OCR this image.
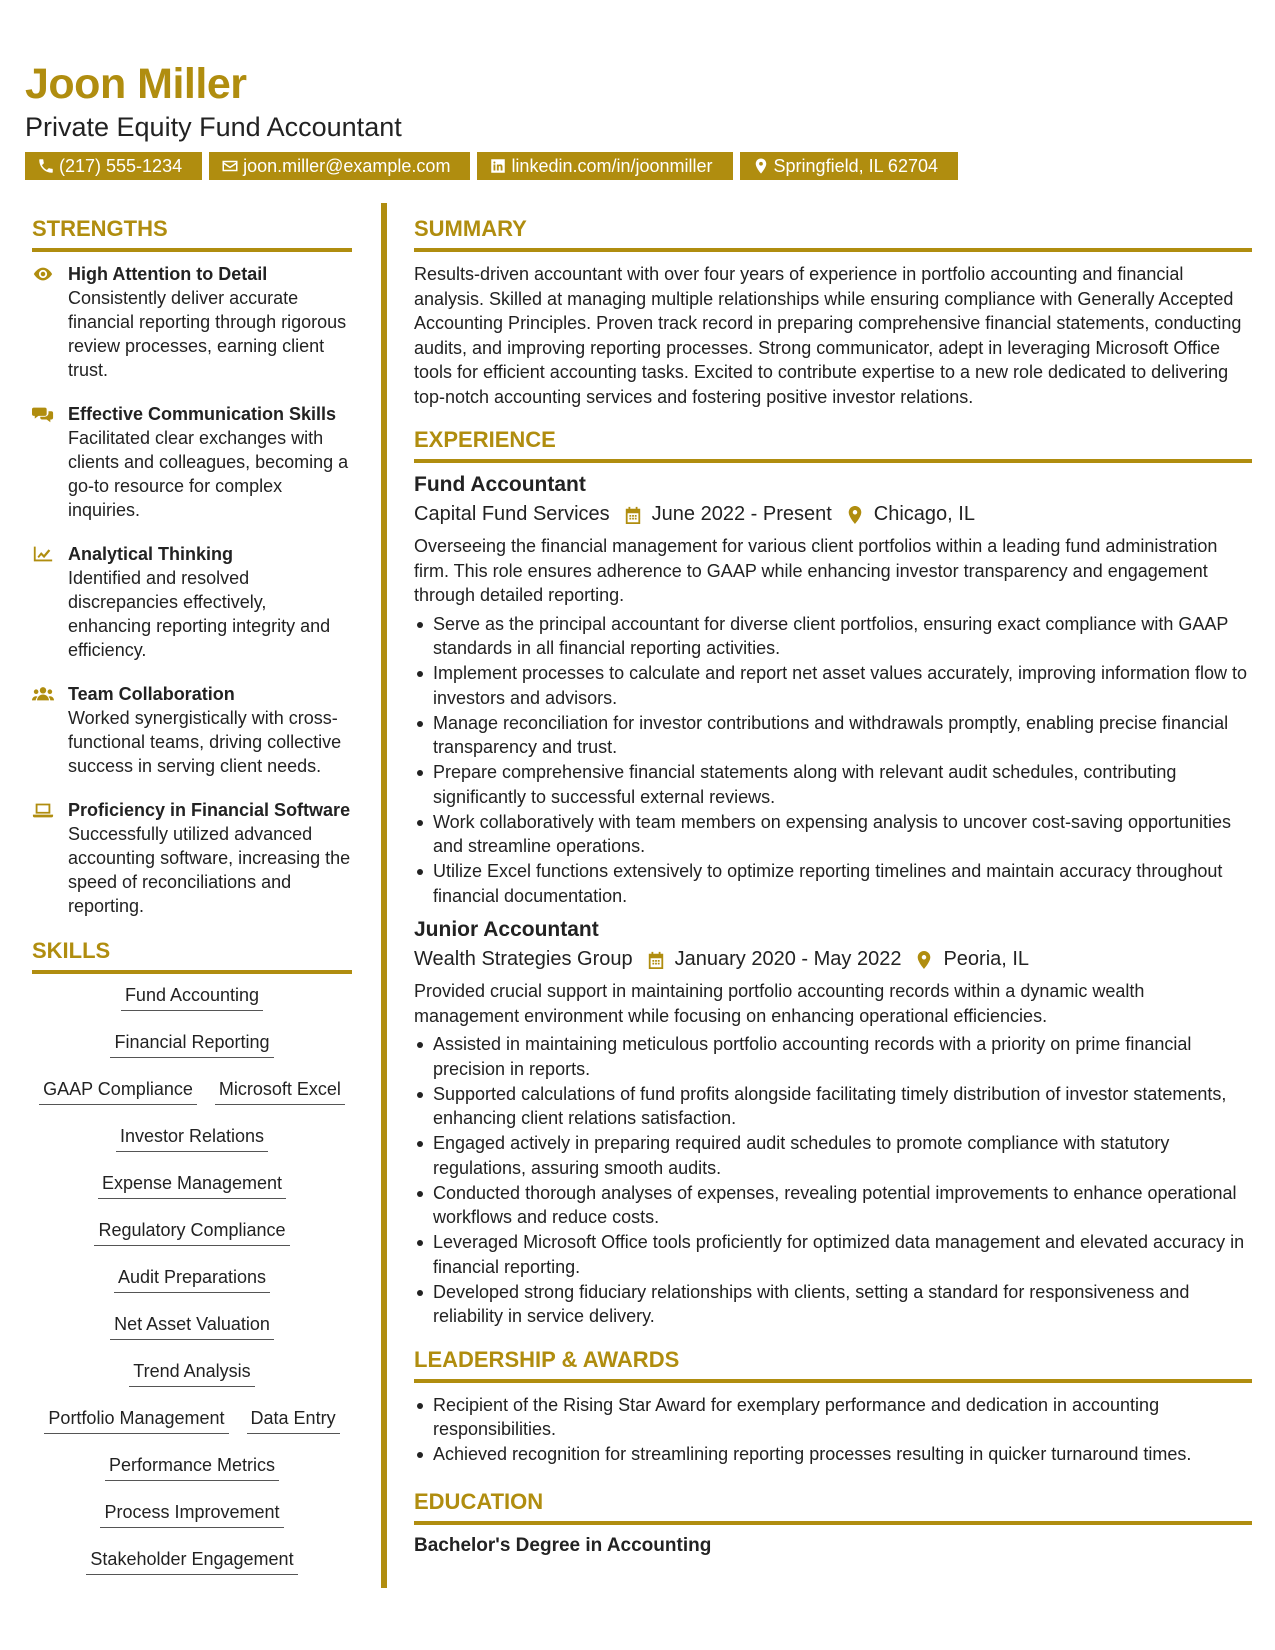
Joon Miller
Private Equity Fund Accountant
(217) 555-1234	joon.miller@example.com	linkedin.com/in/joonmiller	Springfield, IL 62704
STRENGTHS
High Attention to Detail
Consistently deliver accurate financial reporting through rigorous review processes, earning client trust.
Effective Communication Skills
Facilitated clear exchanges with clients and colleagues, becoming a go-to resource for complex inquiries.
Analytical Thinking
Identified and resolved discrepancies effectively, enhancing reporting integrity and efficiency.
Team Collaboration
Worked synergistically with cross-functional teams, driving collective success in serving client needs.
Proficiency in Financial Software
Successfully utilized advanced accounting software, increasing the speed of reconciliations and reporting.
SKILLS
Fund Accounting
Financial Reporting
GAAP Compliance Microsoft Excel
Investor Relations
Expense Management
Regulatory Compliance
Audit Preparations
Net Asset Valuation
Trend Analysis
Portfolio Management Data Entry
Performance Metrics
Process Improvement
Stakeholder Engagement
SUMMARY
Results-driven accountant with over four years of experience in portfolio accounting and financial analysis. Skilled at managing multiple relationships while ensuring compliance with Generally Accepted Accounting Principles. Proven track record in preparing comprehensive financial statements, conducting audits, and improving reporting processes. Strong communicator, adept in leveraging Microsoft Office tools for efficient accounting tasks. Excited to contribute expertise to a new role dedicated to delivering top-notch accounting services and fostering positive investor relations.
EXPERIENCE
Fund Accountant
Capital Fund Services June 2022 - Present Chicago, IL
Overseeing the financial management for various client portfolios within a leading fund administration firm. This role ensures adherence to GAAP while enhancing investor transparency and engagement through detailed reporting.
Serve as the principal accountant for diverse client portfolios, ensuring exact compliance with GAAP standards in all financial reporting activities.
Implement processes to calculate and report net asset values accurately, improving information flow to investors and advisors.
Manage reconciliation for investor contributions and withdrawals promptly, enabling precise financial transparency and trust.
Prepare comprehensive financial statements along with relevant audit schedules, contributing significantly to successful external reviews.
Work collaboratively with team members on expensing analysis to uncover cost-saving opportunities and streamline operations.
Utilize Excel functions extensively to optimize reporting timelines and maintain accuracy throughout financial documentation.
Junior Accountant
Wealth Strategies Group January 2020 - May 2022 Peoria, IL
Provided crucial support in maintaining portfolio accounting records within a dynamic wealth management environment while focusing on enhancing operational efficiencies.
Assisted in maintaining meticulous portfolio accounting records with a priority on prime financial precision in reports.
Supported calculations of fund profits alongside facilitating timely distribution of investor statements, enhancing client relations satisfaction.
Engaged actively in preparing required audit schedules to promote compliance with statutory regulations, assuring smooth audits.
Conducted thorough analyses of expenses, revealing potential improvements to enhance operational workflows and reduce costs.
Leveraged Microsoft Office tools proficiently for optimized data management and elevated accuracy in financial reporting.
Developed strong fiduciary relationships with clients, setting a standard for responsiveness and reliability in service delivery.
LEADERSHIP & AWARDS
Recipient of the Rising Star Award for exemplary performance and dedication in accounting responsibilities.
Achieved recognition for streamlining reporting processes resulting in quicker turnaround times.
EDUCATION
Bachelor's Degree in Accounting
